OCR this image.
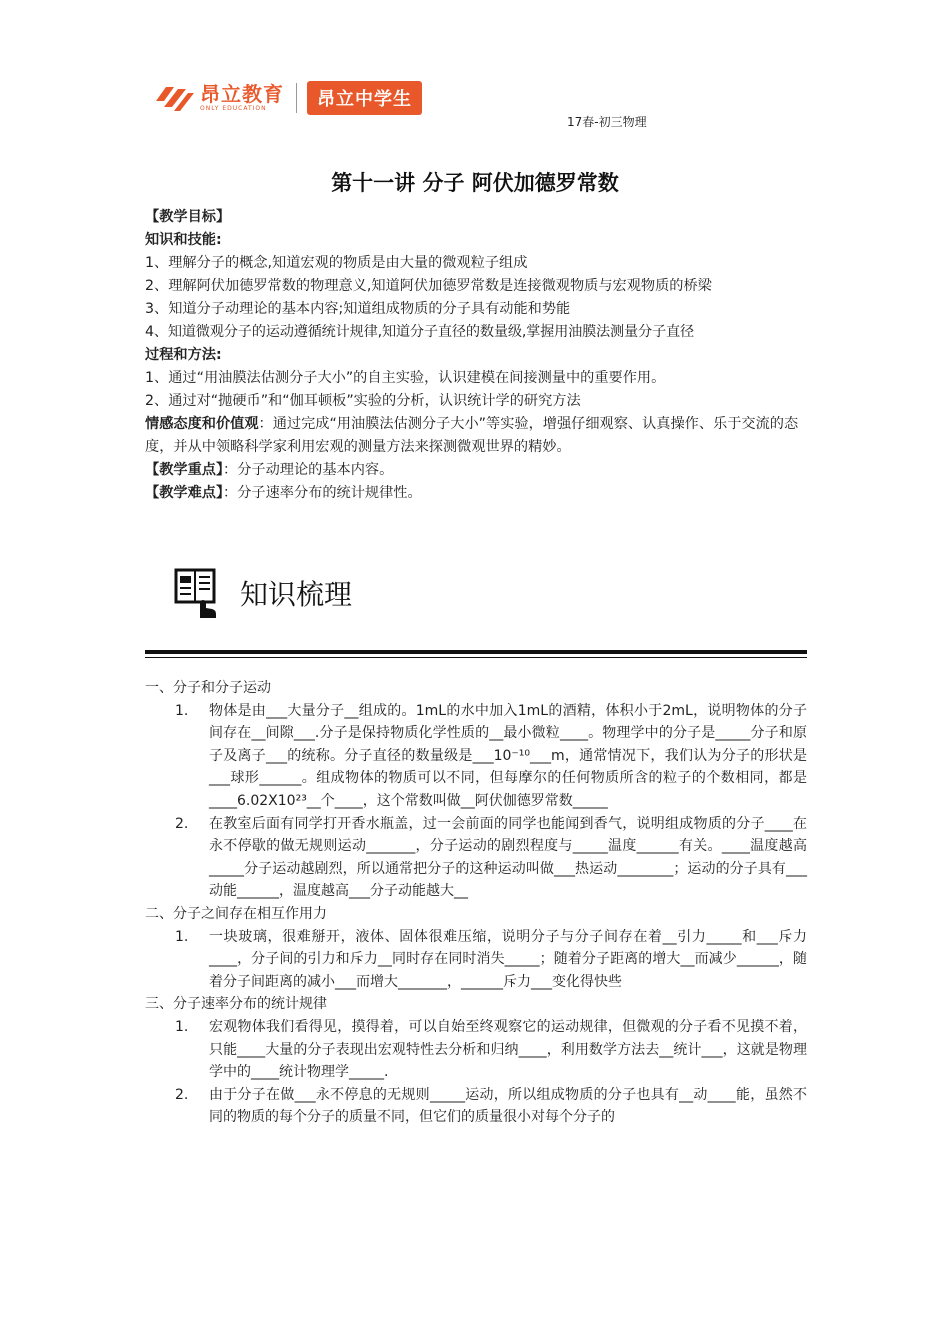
昂立教育
ONLY EDUCATION	昂立中学生
17春-初三物理
第十一讲 分子 阿伏加德罗常数

【教学目标】

知识和技能:

1、理解分子的概念,知道宏观的物质是由大量的微观粒子组成

2、理解阿伏加德罗常数的物理意义,知道阿伏加德罗常数是连接微观物质与宏观物质的桥梁

3、知道分子动理论的基本内容;知道组成物质的分子具有动能和势能

4、知道微观分子的运动遵循统计规律,知道分子直径的数量级,掌握用油膜法测量分子直径

过程和方法:

1、通过“用油膜法估测分子大小”的自主实验，认识建模在间接测量中的重要作用。

2、通过对“抛硬币”和“伽耳顿板”实验的分析，认识统计学的研究方法

情感态度和价值观：通过完成“用油膜法估测分子大小”等实验，增强仔细观察、认真操作、乐于交流的态度，并从中领略科学家利用宏观的测量方法来探测微观世界的精妙。

【教学重点】：分子动理论的基本内容。

【教学难点】：分子速率分布的统计规律性。

知识梳理

一、分子和分子运动

1.	物体是由___大量分子__组成的。1mL的水中加入1mL的酒精，体积小于2mL，说明物体的分子间存在__间隙___.分子是保持物质化学性质的__最小微粒____。物理学中的分子是_____分子和原子及离子___的统称。分子直径的数量级是___10⁻¹⁰___m，通常情况下，我们认为分子的形状是___球形______。组成物体的物质可以不同，但每摩尔的任何物质所含的粒子的个数相同，都是____6.02X10²³__个____，这个常数叫做__阿伏伽德罗常数_____
2.	在教室后面有同学打开香水瓶盖，过一会前面的同学也能闻到香气，说明组成物质的分子____在永不停歇的做无规则运动_______，分子运动的剧烈程度与_____温度______有关。____温度越高_____分子运动越剧烈，所以通常把分子的这种运动叫做___热运动________；运动的分子具有___动能______，温度越高___分子动能越大__

二、分子之间存在相互作用力

1.	一块玻璃，很难掰开，液体、固体很难压缩，说明分子与分子间存在着__引力_____和___斥力____，分子间的引力和斥力__同时存在同时消失_____；随着分子距离的增大__而减少______，随着分子间距离的减小___而增大_______，______斥力___变化得快些

三、分子速率分布的统计规律

1.	宏观物体我们看得见，摸得着，可以自始至终观察它的运动规律，但微观的分子看不见摸不着，只能____大量的分子表现出宏观特性去分析和归纳____，利用数学方法去__统计___，这就是物理学中的____统计物理学_____.
2.	由于分子在做___永不停息的无规则_____运动，所以组成物质的分子也具有__动____能，虽然不同的物质的每个分子的质量不同，但它们的质量很小对每个分子的
